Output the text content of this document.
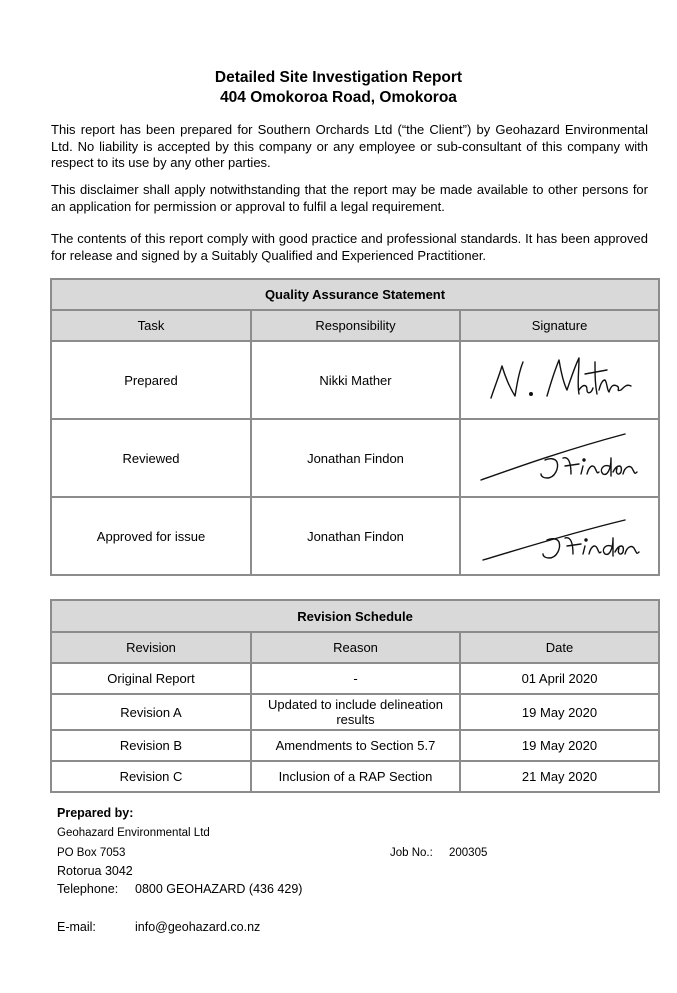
Detailed Site Investigation Report
404 Omokoroa Road, Omokoroa
This report has been prepared for Southern Orchards Ltd (“the Client”) by Geohazard Environmental Ltd. No liability is accepted by this company or any employee or sub-consultant of this company with respect to its use by any other parties.
This disclaimer shall apply notwithstanding that the report may be made available to other persons for an application for permission or approval to fulfil a legal requirement.
The contents of this report comply with good practice and professional standards. It has been approved for release and signed by a Suitably Qualified and Experienced Practitioner.
Quality Assurance Statement		
Task	Responsibility	Signature
Prepared	Nikki Mather	

Reviewed	Jonathan Findon	

Approved for issue	Jonathan Findon	
Revision Schedule		
Revision	Reason	Date
Original Report	-	01 April 2020
Revision A	Updated to include delineation results	19 May 2020
Revision B	Amendments to Section 5.7	19 May 2020
Revision C	Inclusion of a RAP Section	21 May 2020
Prepared by:
Geohazard Environmental Ltd
PO Box 7053	Job No.: 200305
Rotorua 3042
Telephone: 0800 GEOHAZARD (436 429)
E-mail:	info@geohazard.co.nz
